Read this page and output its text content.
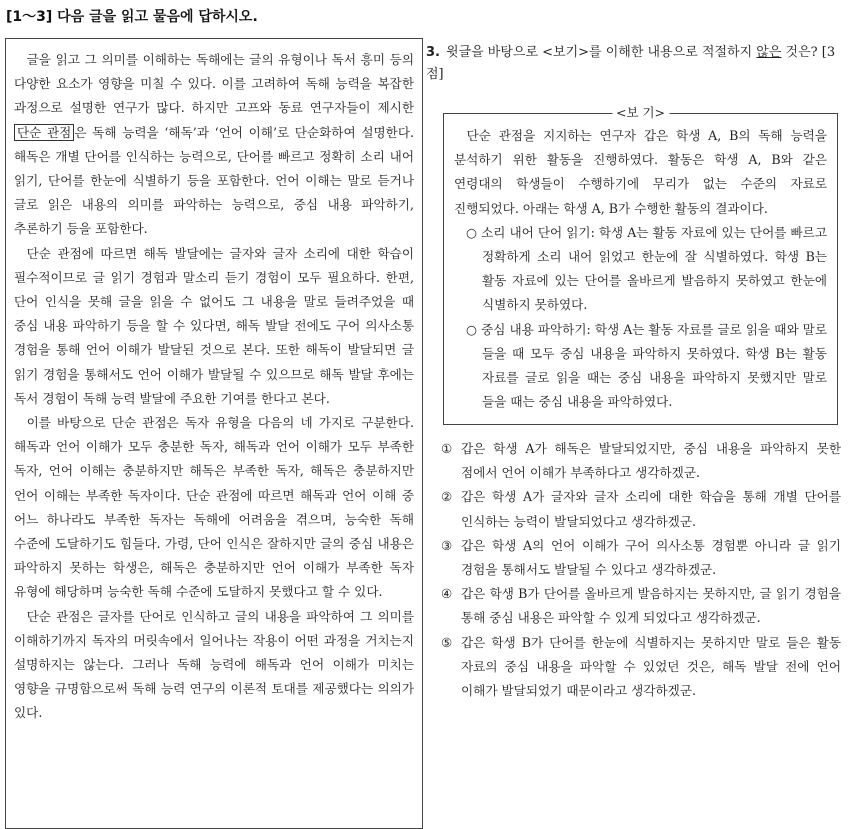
[1～3] 다음 글을 읽고 물음에 답하시오.

글을 읽고 그 의미를 이해하는 독해에는 글의 유형이나 독서 흥미 등의 다양한 요소가 영향을 미칠 수 있다. 이를 고려하여 독해 능력을 복잡한 과정으로 설명한 연구가 많다. 하지만 고프와 동료 연구자들이 제시한 단순 관점 은 독해 능력을 ‘해독’과 ‘언어 이해’로 단순화하여 설명한다. 해독은 개별 단어를 인식하는 능력으로, 단어를 빠르고 정확히 소리 내어 읽기, 단어를 한눈에 식별하기 등을 포함한다. 언어 이해는 말로 듣거나 글로 읽은 내용의 의미를 파악하는 능력으로, 중심 내용 파악하기, 추론하기 등을 포함한다.

단순 관점에 따르면 해독 발달에는 글자와 글자 소리에 대한 학습이 필수적이므로 글 읽기 경험과 말소리 듣기 경험이 모두 필요하다. 한편, 단어 인식을 못해 글을 읽을 수 없어도 그 내용을 말로 들려주었을 때 중심 내용 파악하기 등을 할 수 있다면, 해독 발달 전에도 구어 의사소통 경험을 통해 언어 이해가 발달된 것으로 본다. 또한 해독이 발달되면 글 읽기 경험을 통해서도 언어 이해가 발달될 수 있으므로 해독 발달 후에는 독서 경험이 독해 능력 발달에 주요한 기여를 한다고 본다.

이를 바탕으로 단순 관점은 독자 유형을 다음의 네 가지로 구분한다. 해독과 언어 이해가 모두 충분한 독자, 해독과 언어 이해가 모두 부족한 독자, 언어 이해는 충분하지만 해독은 부족한 독자, 해독은 충분하지만 언어 이해는 부족한 독자이다. 단순 관점에 따르면 해독과 언어 이해 중 어느 하나라도 부족한 독자는 독해에 어려움을 겪으며, 능숙한 독해 수준에 도달하기도 힘들다. 가령, 단어 인식은 잘하지만 글의 중심 내용은 파악하지 못하는 학생은, 해독은 충분하지만 언어 이해가 부족한 독자 유형에 해당하며 능숙한 독해 수준에 도달하지 못했다고 할 수 있다.

단순 관점은 글자를 단어로 인식하고 글의 내용을 파악하여 그 의미를 이해하기까지 독자의 머릿속에서 일어나는 작용이 어떤 과정을 거치는지 설명하지는 않는다. 그러나 독해 능력에 해독과 언어 이해가 미치는 영향을 규명함으로써 독해 능력 연구의 이론적 토대를 제공했다는 의의가 있다.

3. 윗글을 바탕으로 <보기>를 이해한 내용으로 적절하지 않은 것은? [3점]
<보 기>

단순 관점을 지지하는 연구자 갑은 학생 A, B의 독해 능력을 분석하기 위한 활동을 진행하였다. 활동은 학생 A, B와 같은 연령대의 학생들이 수행하기에 무리가 없는 수준의 자료로 진행되었다. 아래는 학생 A, B가 수행한 활동의 결과이다.

○ 소리 내어 단어 읽기: 학생 A는 활동 자료에 있는 단어를 빠르고 정확하게 소리 내어 읽었고 한눈에 잘 식별하였다. 학생 B는 활동 자료에 있는 단어를 올바르게 발음하지 못하였고 한눈에 식별하지 못하였다.
○ 중심 내용 파악하기: 학생 A는 활동 자료를 글로 읽을 때와 말로 들을 때 모두 중심 내용을 파악하지 못하였다. 학생 B는 활동 자료를 글로 읽을 때는 중심 내용을 파악하지 못했지만 말로 들을 때는 중심 내용을 파악하였다.
① 갑은 학생 A가 해독은 발달되었지만, 중심 내용을 파악하지 못한 점에서 언어 이해가 부족하다고 생각하겠군.
② 갑은 학생 A가 글자와 글자 소리에 대한 학습을 통해 개별 단어를 인식하는 능력이 발달되었다고 생각하겠군.
③ 갑은 학생 A의 언어 이해가 구어 의사소통 경험뿐 아니라 글 읽기 경험을 통해서도 발달될 수 있다고 생각하겠군.
④ 갑은 학생 B가 단어를 올바르게 발음하지는 못하지만, 글 읽기 경험을 통해 중심 내용은 파악할 수 있게 되었다고 생각하겠군.
⑤ 갑은 학생 B가 단어를 한눈에 식별하지는 못하지만 말로 들은 활동 자료의 중심 내용을 파악할 수 있었던 것은, 해독 발달 전에 언어 이해가 발달되었기 때문이라고 생각하겠군.
